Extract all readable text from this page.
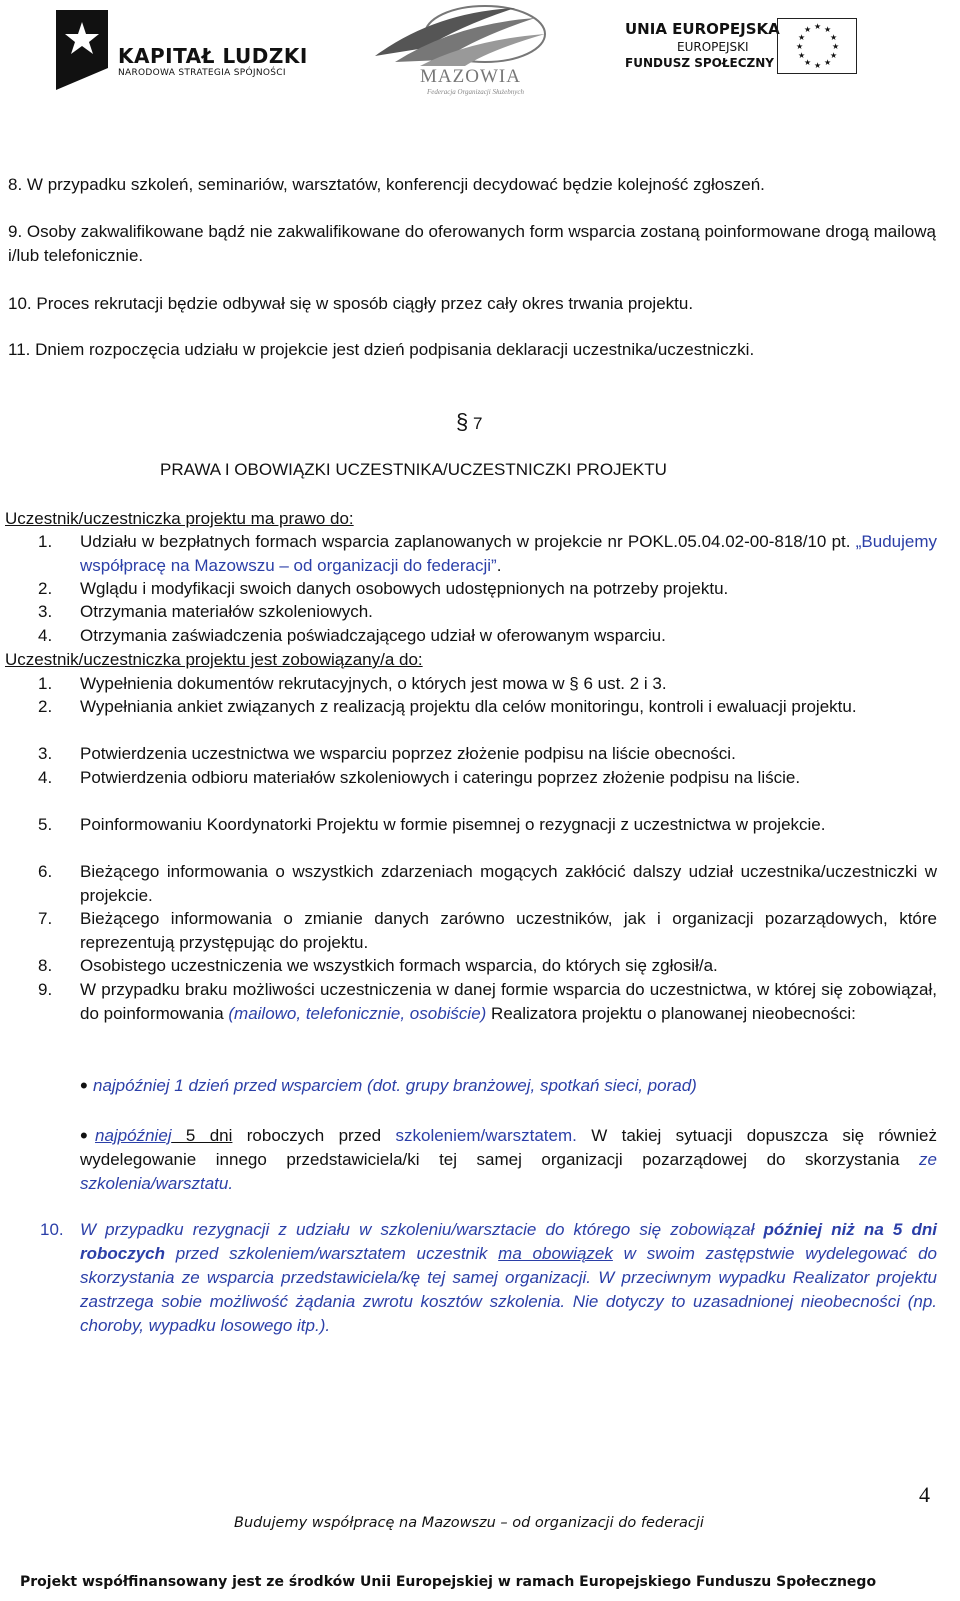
KAPITAŁ LUDZKI
NARODOWA STRATEGIA SPÓJNOŚCI	MAZOWIA
Federacja Organizacji Służebnych
UNIA EUROPEJSKA
EUROPEJSKI
FUNDUSZ SPOŁECZNY
★ ★
★
★
★
★
★
★
★
★
★
★
8. W przypadku szkoleń, seminariów, warsztatów, konferencji decydować będzie kolejność zgłoszeń.
9. Osoby zakwalifikowane bądź nie zakwalifikowane do oferowanych form wsparcia zostaną poinformowane drogą mailową i/lub telefonicznie.
10. Proces rekrutacji będzie odbywał się w sposób ciągły przez cały okres trwania projektu.
11. Dniem rozpoczęcia udziału w projekcie jest dzień podpisania deklaracji uczestnika/uczestniczki.
§ 7
PRAWA I OBOWIĄZKI UCZESTNIKA/UCZESTNICZKI PROJEKTU
Uczestnik/uczestniczka projektu ma prawo do:
1. Udziału w bezpłatnych formach wsparcia zaplanowanych w projekcie nr POKL.05.04.02-00-818/10 pt. „Budujemy współpracę na Mazowszu – od organizacji do federacji”.
2. Wglądu i modyfikacji swoich danych osobowych udostępnionych na potrzeby projektu.
3. Otrzymania materiałów szkoleniowych.
4. Otrzymania zaświadczenia poświadczającego udział w oferowanym wsparciu.
Uczestnik/uczestniczka projektu jest zobowiązany/a do:
1. Wypełnienia dokumentów rekrutacyjnych, o których jest mowa w § 6 ust. 2 i 3.
2. Wypełniania ankiet związanych z realizacją projektu dla celów monitoringu, kontroli i ewaluacji projektu.
3. Potwierdzenia uczestnictwa we wsparciu poprzez złożenie podpisu na liście obecności.
4. Potwierdzenia odbioru materiałów szkoleniowych i cateringu poprzez złożenie podpisu na liście.
5. Poinformowaniu Koordynatorki Projektu w formie pisemnej o rezygnacji z uczestnictwa w projekcie.
6. Bieżącego informowania o wszystkich zdarzeniach mogących zakłócić dalszy udział uczestnika/uczestniczki w projekcie.
7. Bieżącego informowania o zmianie danych zarówno uczestników, jak i organizacji pozarządowych, które reprezentują przystępując do projektu.
8. Osobistego uczestniczenia we wszystkich formach wsparcia, do których się zgłosił/a.
9. W przypadku braku możliwości uczestniczenia w danej formie wsparcia do uczestnictwa, w której się zobowiązał, do poinformowania (mailowo, telefonicznie, osobiście) Realizatora projektu o planowanej nieobecności:
• najpóźniej 1 dzień przed wsparciem (dot. grupy branżowej, spotkań sieci, porad)
• najpóźniej 5 dni roboczych przed szkoleniem/warsztatem. W takiej sytuacji dopuszcza się również wydelegowanie innego przedstawiciela/ki tej samej organizacji pozarządowej do skorzystania ze szkolenia/warsztatu.
10. W przypadku rezygnacji z udziału w szkoleniu/warsztacie do którego się zobowiązał później niż na 5 dni roboczych przed szkoleniem/warsztatem uczestnik ma obowiązek w swoim zastępstwie wydelegować do skorzystania ze wsparcia przedstawiciela/kę tej samej organizacji. W przeciwnym wypadku Realizator projektu zastrzega sobie możliwość żądania zwrotu kosztów szkolenia. Nie dotyczy to uzasadnionej nieobecności (np. choroby, wypadku losowego itp.).
4
Budujemy współpracę na Mazowszu – od organizacji do federacji
Projekt współfinansowany jest ze środków Unii Europejskiej w ramach Europejskiego Funduszu Społecznego
